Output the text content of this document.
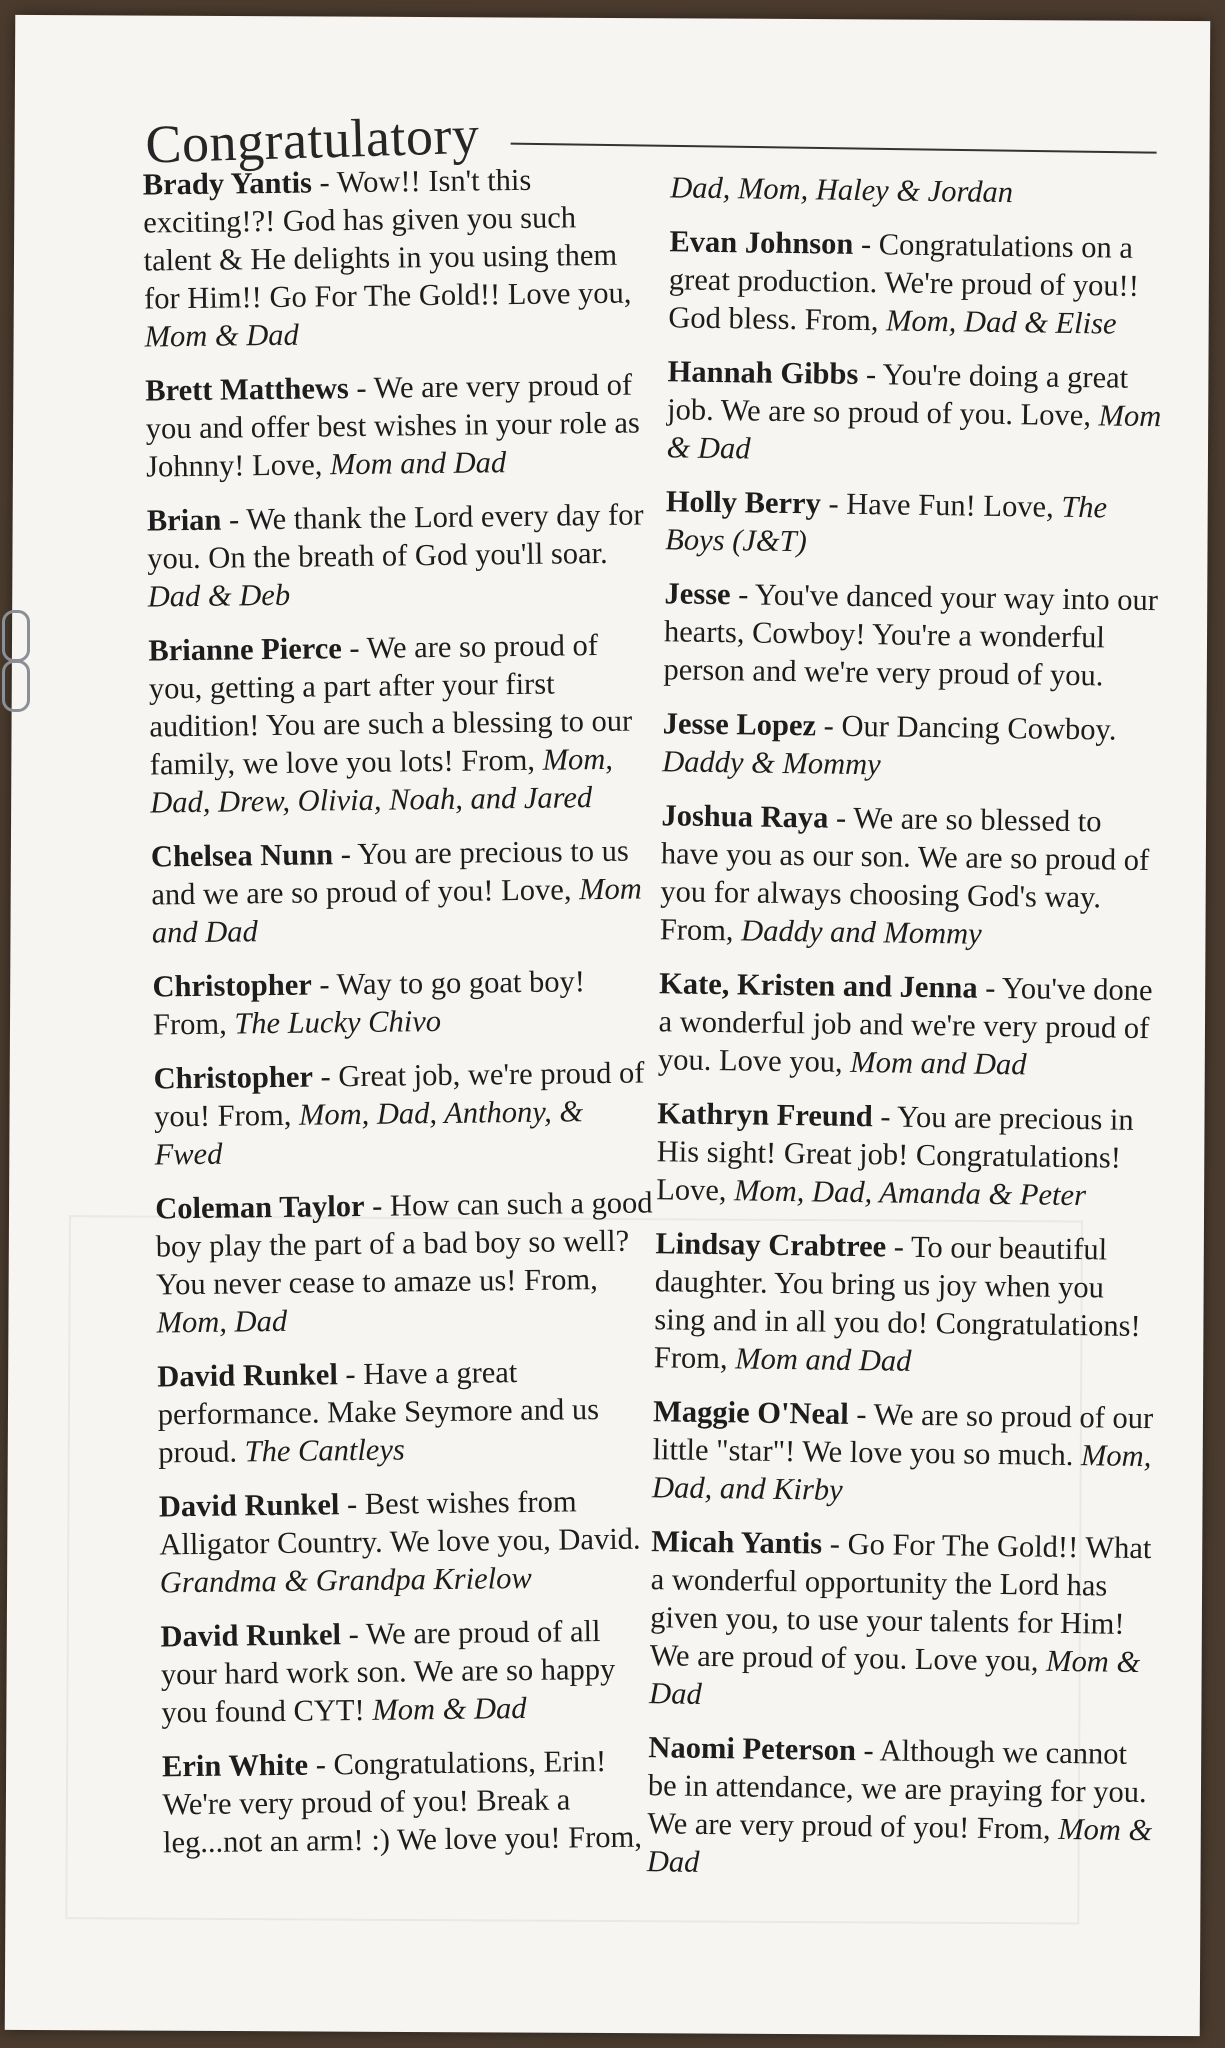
Congratulatory
Brady Yantis - Wow!! Isn't this exciting!?! God has given you such talent & He delights in you using them for Him!! Go For The Gold!! Love you, Mom & Dad
Brett Matthews - We are very proud of you and offer best wishes in your role as Johnny! Love, Mom and Dad
Brian - We thank the Lord every day for you. On the breath of God you'll soar. Dad & Deb
Brianne Pierce - We are so proud of you, getting a part after your first audition! You are such a blessing to our family, we love you lots! From, Mom, Dad, Drew, Olivia, Noah, and Jared
Chelsea Nunn - You are precious to us and we are so proud of you! Love, Mom and Dad
Christopher - Way to go goat boy! From, The Lucky Chivo
Christopher - Great job, we're proud of you! From, Mom, Dad, Anthony, & Fwed
Coleman Taylor - How can such a good boy play the part of a bad boy so well? You never cease to amaze us! From, Mom, Dad
David Runkel - Have a great performance. Make Seymore and us proud. The Cantleys
David Runkel - Best wishes from Alligator Country. We love you, David. Grandma & Grandpa Krielow
David Runkel - We are proud of all your hard work son. We are so happy you found CYT! Mom & Dad
Erin White - Congratulations, Erin! We're very proud of you! Break a leg...not an arm! :) We love you! From,
Dad, Mom, Haley & Jordan
Evan Johnson - Congratulations on a great production. We're proud of you!! God bless. From, Mom, Dad & Elise
Hannah Gibbs - You're doing a great job. We are so proud of you. Love, Mom & Dad
Holly Berry - Have Fun! Love, The Boys (J&T)
Jesse - You've danced your way into our hearts, Cowboy! You're a wonderful person and we're very proud of you.
Jesse Lopez - Our Dancing Cowboy. Daddy & Mommy
Joshua Raya - We are so blessed to have you as our son. We are so proud of you for always choosing God's way. From, Daddy and Mommy
Kate, Kristen and Jenna - You've done a wonderful job and we're very proud of you. Love you, Mom and Dad
Kathryn Freund - You are precious in His sight! Great job! Congratulations! Love, Mom, Dad, Amanda & Peter
Lindsay Crabtree - To our beautiful daughter. You bring us joy when you sing and in all you do! Congratulations! From, Mom and Dad
Maggie O'Neal - We are so proud of our little "star"! We love you so much. Mom, Dad, and Kirby
Micah Yantis - Go For The Gold!! What a wonderful opportunity the Lord has given you, to use your talents for Him! We are proud of you. Love you, Mom & Dad
Naomi Peterson - Although we cannot be in attendance, we are praying for you. We are very proud of you! From, Mom & Dad
